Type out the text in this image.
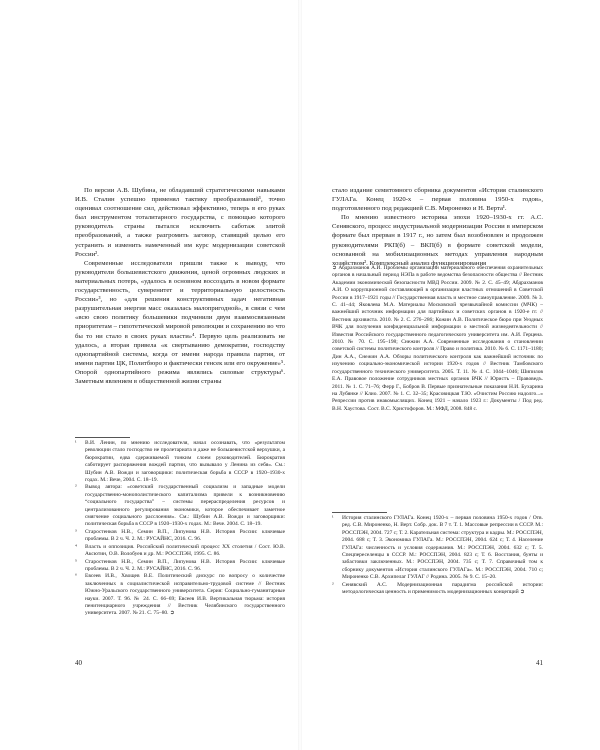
По версии А.В. Шубина, не обладавший стратегическими навыками И.В. Сталин успешно применял тактику преобразований¹, точно оценивал соотношение сил, действовал эффективно, теперь в его руках был инструментом тоталитарного государства, с помощью которого руководитель страны пытался исключить саботаж элитой преобразований, а также разгромить заговор, ставящий целью его устранить и изменить намеченный им курс модернизации советской России².

Современные исследователи пришли также к выводу, что руководители большевистского движения, ценой огромных людских и материальных потерь, «удалось в основном воссоздать в новом формате государственность, суверенитет и территориальную целостность России»³, но «для решения конструктивных задач негативная разрушительная энергия масс оказалась малопригодной», в связи с чем «всю свою политику большевики подчинили двум взаимосвязанным приоритетам – гипотетической мировой революции и сохранению во что бы то ни стало в своих руках власти»⁴. Первую цель реализовать не удалось, а вторая привела «к свертыванию демократии, господству однопартийной системы, когда от имени народа правила партия, от имени партии ЦК, Политбюро и фактически генсек или его окружение»⁵. Опорой однопартийного режима являлись силовые структуры⁶. Заметным явлением в общественной жизни страны

¹	В.И. Ленин, по мнению исследователя, начал осознавать, что «результатом революции стало господство не пролетариата и даже не большевистской верхушки, а бюрократии, едва сдерживаемой тонким слоем руководителей. Бюрократия саботирует распоряжения вождей партии, что вызывало у Ленина из себя». См.: Шубин А.В. Вожди и заговорщики: политическая борьба в СССР в 1920–1930-х годах. М.: Вече, 2004. С. 18–19.
²	Вывод автора: «советский государственный социализм и западные модели государственно-монополистического капитализма привели к возникновению “социального государства” – системы перераспределения ресурсов и централизованного регулирования экономики, которое обеспечивает заметное смягчение социального расслоения». См.: Шубин А.В. Вожди и заговорщики: политическая борьба в СССР в 1920–1930-х годах. М.: Вече. 2004. С. 18–19.
³	Старостенков Н.В., Семин В.П., Липунова Н.В. История России: ключевые проблемы. В 2 ч. Ч. 2. М.: РУСАЙНС, 2016. С. 96.
⁴	Власть и оппозиция. Российский политический процесс XX столетия / Сост. Ю.В. Аксютин, О.В. Волобуев и др. М.: РОССПЭН, 1995. С. 86.
⁵	Старостенков Н.В., Семин В.П., Липунова Н.В. История России: ключевые проблемы. В 2 ч. Ч. 2. М.: РУСАЙНС, 2016. С. 96.
⁶	Евсеев И.В., Хвощев В.Е. Политический дискурс по вопросу о количестве заключенных в социалистической исправительно-трудовой системе // Вестник Южно-Уральского государственного университета. Серия: Социально-гуманитарные науки. 2007. Т. 96. № 24. С. 66–69; Евсеев И.В. Вертикальная тюрьма: история пенитенциарного учреждения // Вестник Челябинского государственного университета. 2007. № 21. С. 75–80. ➲
40

стало издание семитомного сборника документов «История сталинского ГУЛАГа. Конец 1920-х – первая половина 1950-х годов», подготовленного под редакцией С.В. Мироненко и Н. Верта¹.

По мнению известного историка эпохи 1920–1930-х гг. А.С. Сенявского, процесс индустриальной модернизации России в имперском формате был прерван в 1917 г., но затем был возобновлен и продолжен руководителями РКП(б) – ВКП(б) в формате советской модели, основанной на мобилизационных методах управления народным хозяйством². Комплексный анализ функционирования

➲ Абдрахманов А.И. Проблемы организации материального обеспечения охранительных органов в начальный период НЭПа в работе ведомства безопасности общества // Вестник Академии экономической безопасности МВД России. 2009. № 2. С. 45–49; Абдрахманов А.И. О коррупционной составляющей в организации властных отношений в Советской России в 1917–1921 годы // Государственная власть и местное самоуправление. 2009. № 3. С. 41–44; Яковлева М.А. Материалы Московской чрезвычайной комиссии (МЧК) – важнейший источник информации для партийных и советских органов в 1920-е гг. // Вестник архивиста. 2010. № 2. С. 276–286; Кожин А.В. Политическое бюро при Уездных ВЧК для получения конфиденциальной информации о местной жизнедеятельности // Известия Российского государственного педагогического университета им. А.И. Герцена. 2010. № 70. С. 195–198; Снежин А.А. Современные исследования о становлении советской системы политического контроля // Право и политика. 2010. № 6. С. 1171–1180; Дин А.А., Снежин А.А. Обзоры политического контроля как важнейший источник по изучению социально-экономической истории 1920-х годов // Вестник Тамбовского государственного технического университета. 2005. Т. 11. № 4. С. 1044–1046; Шипилов Е.А. Правовое положение сотрудников местных органов ВЧК // Юристъ – Правоведъ. 2011. № 1. С. 71–76; Ферр Г., Бобров В. Первые признательные показания Н.И. Бухарина на Лубянке // Клио. 2007. № 1. С. 32–35; Красовицкая Т.Ю. «Очистим Россию надолго...» Репрессии против инакомыслящих. Конец 1921 – начало 1923 г.: Документы / Под ред. В.Н. Хаустова. Сост. В.С. Христофоров. М.: МФД, 2008. 848 с.

¹	История сталинского ГУЛАГа. Конец 1920-х – первая половина 1950-х годов / Отв. ред. С.В. Мироненко, Н. Верт. Собр. док. В 7 т. Т. 1. Массовые репрессии в СССР. М.: РОССПЭН, 2004. 727 с; Т. 2. Карательная система: структура и кадры. М.: РОССПЭН, 2004. 688 с; Т. 3. Экономика ГУЛАГа. М.: РОССПЭН, 2004. 624 с; Т. 4. Население ГУЛАГа: численность и условия содержания. М.: РОССПЭН, 2004. 632 с; Т. 5. Спецпереселенцы в СССР. М.: РОССПЭН, 2004. 823 с; Т. 6. Восстания, бунты и забастовки заключенных. М.: РОССПЭН, 2004. 735 с; Т. 7. Справочный том к сборнику документов «История сталинского ГУЛАГа». М.: РОССПЭН, 2004. 710 с; Мироненко С.В. Архипелаг ГУЛАГ // Родина. 2005. № 9. С. 15–20.
²	Сенявский А.С. Модернизационная парадигма российской истории: методологическая ценность и применимость модернизационных концепций ➲
41
